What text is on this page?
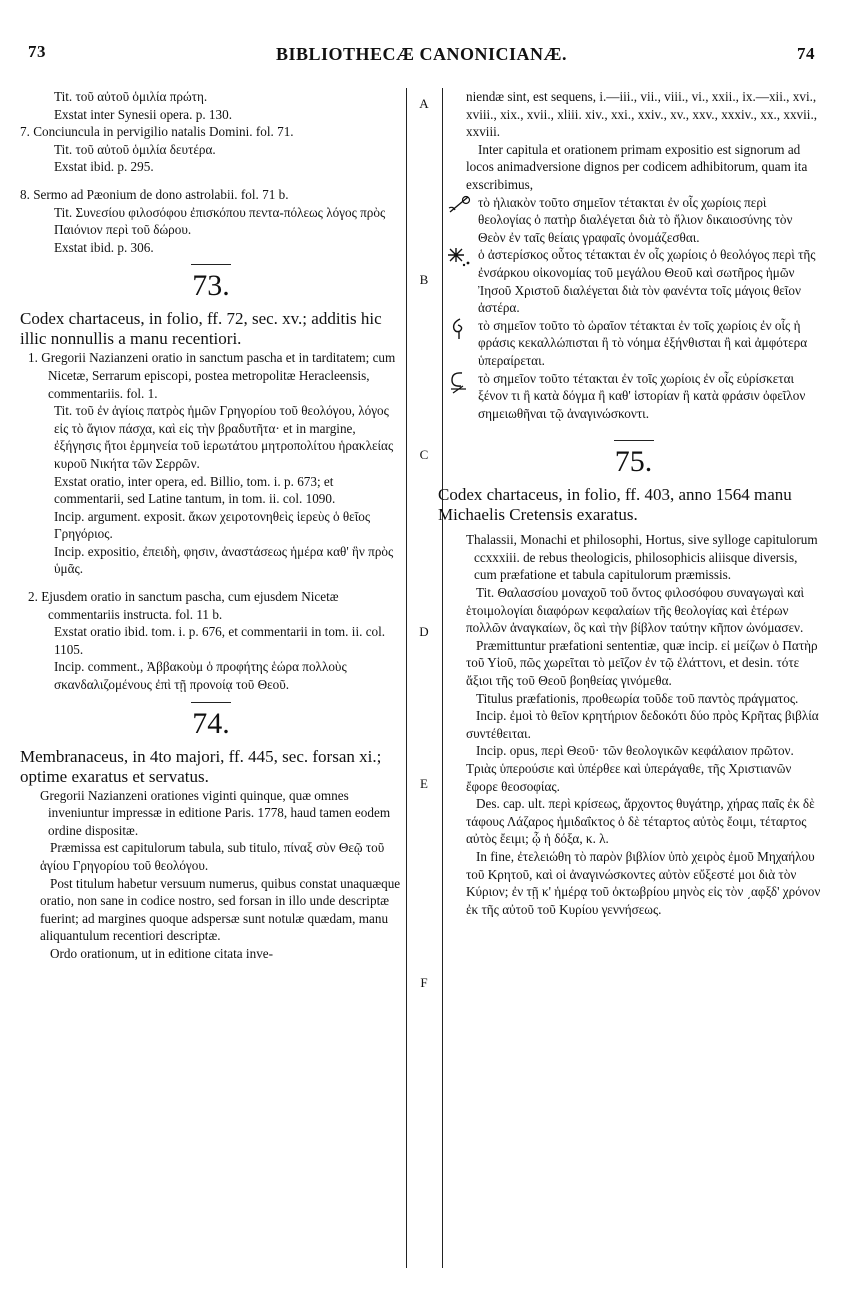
73	BIBLIOTHECÆ CANONICIANÆ.	74
A
B
C
D
E
F

Tit. τοῦ αὐτοῦ ὁμιλία πρώτη.

Exstat inter Synesii opera. p. 130.

7. Conciuncula in pervigilio natalis Domini. fol. 71.

Tit. τοῦ αὐτοῦ ὁμιλία δευτέρα.

Exstat ibid. p. 295.

8. Sermo ad Pæonium de dono astrolabii. fol. 71 b.

Tit. Συνεσίου φιλοσόφου ἐπισκόπου πεντα-πόλεως λόγος πρὸς Παιόνιον περὶ τοῦ δώρου.

Exstat ibid. p. 306.

73.

Codex chartaceus, in folio, ff. 72, sec. xv.; additis hic illic nonnullis a manu recentiori.

1. Gregorii Nazianzeni oratio in sanctum pascha et in tarditatem; cum Nicetæ, Serrarum episcopi, postea metropolitæ Heracleensis, commentariis. fol. 1.

Tit. τοῦ ἐν ἁγίοις πατρὸς ἡμῶν Γρηγορίου τοῦ θεολόγου, λόγος εἰς τὸ ἅγιον πάσχα, καὶ εἰς τὴν βραδυτῆτα· et in margine, ἐξήγησις ἤτοι ἑρμηνεία τοῦ ἱερωτάτου μητροπολίτου ἡρακλείας κυροῦ Νικήτα τῶν Σερρῶν.

Exstat oratio, inter opera, ed. Billio, tom. i. p. 673; et commentarii, sed Latine tantum, in tom. ii. col. 1090.

Incip. argument. exposit. ἄκων χειροτονηθεὶς ἱερεὺς ὁ θεῖος Γρηγόριος.

Incip. expositio, ἐπειδὴ, φησιν, ἀναστάσεως ἡμέρα καθ' ἣν πρὸς ὑμᾶς.

2. Ejusdem oratio in sanctum pascha, cum ejusdem Nicetæ commentariis instructa. fol. 11 b.

Exstat oratio ibid. tom. i. p. 676, et commentarii in tom. ii. col. 1105.

Incip. comment., Ἀββακοὺμ ὁ προφήτης ἑώρα πολλοὺς σκανδαλιζομένους ἐπὶ τῇ προνοίᾳ τοῦ Θεοῦ.

74.

Membranaceus, in 4to majori, ff. 445, sec. forsan xi.; optime exaratus et servatus.

Gregorii Nazianzeni orationes viginti quinque, quæ omnes inveniuntur impressæ in editione Paris. 1778, haud tamen eodem ordine dispositæ.

Præmissa est capitulorum tabula, sub titulo, πίναξ σὺν Θεῷ τοῦ ἁγίου Γρηγορίου τοῦ θεολόγου.

Post titulum habetur versuum numerus, quibus constat unaquæque oratio, non sane in codice nostro, sed forsan in illo unde descriptæ fuerint; ad margines quoque adspersæ sunt notulæ quædam, manu aliquantulum recentiori descriptæ.

Ordo orationum, ut in editione citata inve-

niendæ sint, est sequens, i.—iii., vii., viii., vi., xxii., ix.—xii., xvi., xviii., xix., xvii., xliii. xiv., xxi., xxiv., xv., xxv., xxxiv., xx., xxvii., xxviii.

Inter capitula et orationem primam expositio est signorum ad locos animadversione dignos per codicem adhibitorum, quam ita exscribimus,

τὸ ἡλιακὸν τοῦτο σημεῖον τέτακται ἐν οἷς χωρίοις περὶ θεολογίας ὁ πατὴρ διαλέγεται διὰ τὸ ἥλιον δικαιοσύνης τὸν Θεὸν ἐν ταῖς θείαις γραφαῖς ὀνομάζεσθαι.

ὁ ἀστερίσκος οὗτος τέτακται ἐν οἷς χωρίοις ὁ θεολόγος περὶ τῆς ἐνσάρκου οἰκονομίας τοῦ μεγάλου Θεοῦ καὶ σωτῆρος ἡμῶν Ἰησοῦ Χριστοῦ διαλέγεται διὰ τὸν φανέντα τοῖς μάγοις θεῖον ἀστέρα.

τὸ σημεῖον τοῦτο τὸ ὡραῖον τέτακται ἐν τοῖς χωρίοις ἐν οἷς ἡ φράσις κεκαλλώπισται ἢ τὸ νόημα ἐξήνθισται ἢ καὶ ἀμφότερα ὑπεραίρεται.

τὸ σημεῖον τοῦτο τέτακται ἐν τοῖς χωρίοις ἐν οἷς εὑρίσκεται ξένον τι ἢ κατὰ δόγμα ἢ καθ' ἱστορίαν ἢ κατὰ φράσιν ὀφεῖλον σημειωθῆναι τῷ ἀναγινώσκοντι.

75.

Codex chartaceus, in folio, ff. 403, anno 1564 manu Michaelis Cretensis exaratus.

Thalassii, Monachi et philosophi, Hortus, sive sylloge capitulorum ccxxxiii. de rebus theologicis, philosophicis aliisque diversis, cum præfatione et tabula capitulorum præmissis.

Tit. Θαλασσίου μοναχοῦ τοῦ ὄντος φιλοσόφου συναγωγαὶ καὶ ἑτοιμολογίαι διαφόρων κεφαλαίων τῆς θεολογίας καὶ ἑτέρων πολλῶν ἀναγκαίων, ὃς καὶ τὴν βίβλον ταύτην κῆπον ὠνόμασεν.

Præmittuntur præfationi sententiæ, quæ incip. εἰ μείζων ὁ Πατὴρ τοῦ Υἱοῦ, πῶς χωρεῖται τὸ μεῖζον ἐν τῷ ἐλάττονι, et desin. τότε ἄξιοι τῆς τοῦ Θεοῦ βοηθείας γινόμεθα.

Titulus præfationis, προθεωρία τοῦδε τοῦ παντὸς πράγματος.

Incip. ἐμοὶ τὸ θεῖον κρητήριον δεδοκότι δύο πρὸς Κρῆτας βιβλία συντέθειται.

Incip. opus, περὶ Θεοῦ· τῶν θεολογικῶν κεφάλαιον πρῶτον. Τριὰς ὑπερούσιε καὶ ὑπέρθεε καὶ ὑπεράγαθε, τῆς Χριστιανῶν ἔφορε θεοσοφίας.

Des. cap. ult. περὶ κρίσεως, ἄρχοντος θυγάτηρ, χήρας παῖς ἐκ δὲ τάφους Λάζαρος ἡμιδαΐκτος ὁ δὲ τέταρτος αὐτὸς ἔοιμι, τέταρτος αὐτὸς ἔειμι; ᾧ ἡ δόξα, κ. λ.

In fine, ἐτελειώθη τὸ παρὸν βιβλίον ὑπὸ χειρὸς ἐμοῦ Μηχαήλου τοῦ Κρητοῦ, καὶ οἱ ἀναγινώσκοντες αὐτὸν εὔξεστέ μοι διὰ τὸν Κύριον; ἐν τῇ κ' ἡμέρᾳ τοῦ ὀκτωβρίου μηνὸς εἰς τὸν ͵αφξδ' χρόνον ἐκ τῆς αὐτοῦ τοῦ Κυρίου γεννήσεως.
